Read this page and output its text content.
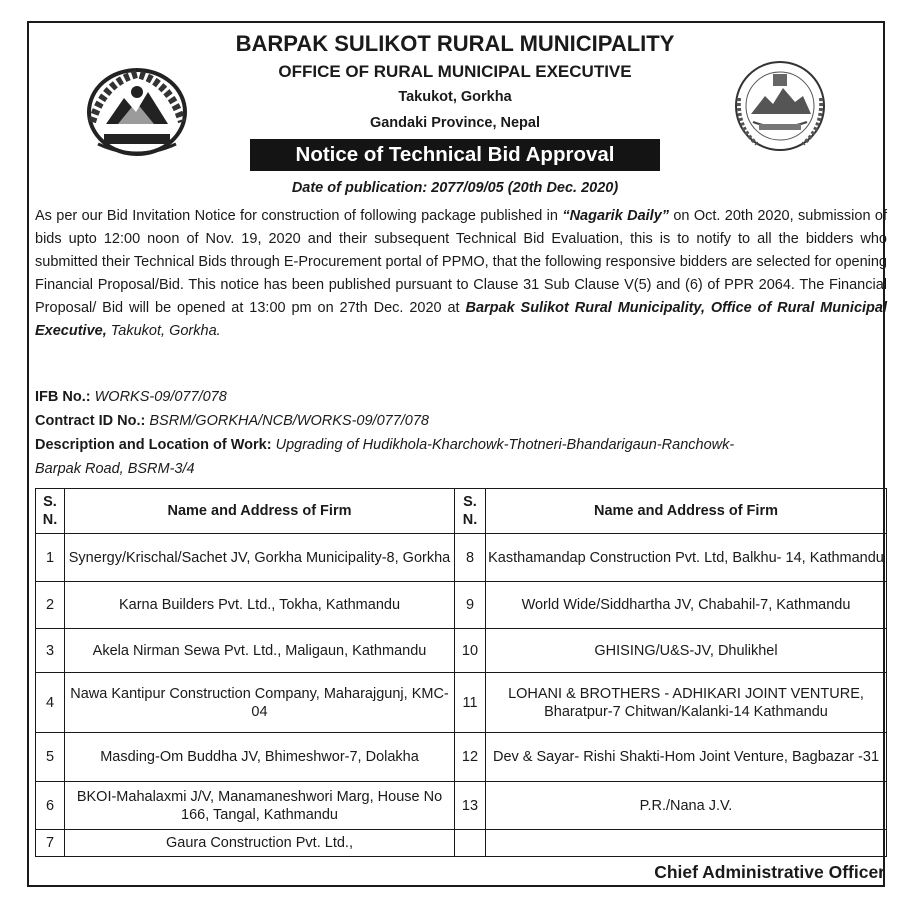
BARPAK SULIKOT RURAL MUNICIPALITY
OFFICE OF RURAL MUNICIPAL EXECUTIVE
Takukot, Gorkha
Gandaki Province, Nepal
Notice of Technical Bid Approval
Date of publication: 2077/09/05 (20th Dec. 2020)

As per our Bid Invitation Notice for construction of following package published in “Nagarik Daily” on Oct. 20th 2020, submission of bids upto 12:00 noon of Nov. 19, 2020 and their subsequent Technical Bid Evaluation, this is to notify to all the bidders who submitted their Technical Bids through E-Procurement portal of PPMO, that the following responsive bidders are selected for opening Financial Proposal/Bid. This notice has been published pursuant to Clause 31 Sub Clause V(5) and (6) of PPR 2064. The Financial Proposal/ Bid will be opened at 13:00 pm on 27th Dec. 2020 at Barpak Sulikot Rural Municipality, Office of Rural Municipal Executive, Takukot, Gorkha.

IFB No.: WORKS-09/077/078
Contract ID No.: BSRM/GORKHA/NCB/WORKS-09/077/078
Description and Location of Work: Upgrading of Hudikhola-Kharchowk-Thotneri-Bhandarigaun-Ranchowk-
Barpak Road, BSRM-3/4
S. N.	Name and Address of Firm	S. N.	Name and Address of Firm
1	Synergy/Krischal/Sachet JV, Gorkha Municipality-8, Gorkha	8	Kasthamandap Construction Pvt. Ltd, Balkhu- 14, Kathmandu
2	Karna Builders Pvt. Ltd., Tokha, Kathmandu	9	World Wide/Siddhartha JV, Chabahil-7, Kathmandu
3	Akela Nirman Sewa Pvt. Ltd., Maligaun, Kathmandu	10	GHISING/U&S-JV, Dhulikhel
4	Nawa Kantipur Construction Company, Maharajgunj, KMC-04	11	LOHANI & BROTHERS - ADHIKARI JOINT VENTURE, Bharatpur-7 Chitwan/Kalanki-14 Kathmandu
5	Masding-Om Buddha JV, Bhimeshwor-7, Dolakha	12	Dev & Sayar- Rishi Shakti-Hom Joint Venture, Bagbazar -31
6	BKOI-Mahalaxmi J/V, Manamaneshwori Marg, House No 166, Tangal, Kathmandu	13	P.R./Nana J.V.
7	Gaura Construction Pvt. Ltd.,		
Chief Administrative Officer
